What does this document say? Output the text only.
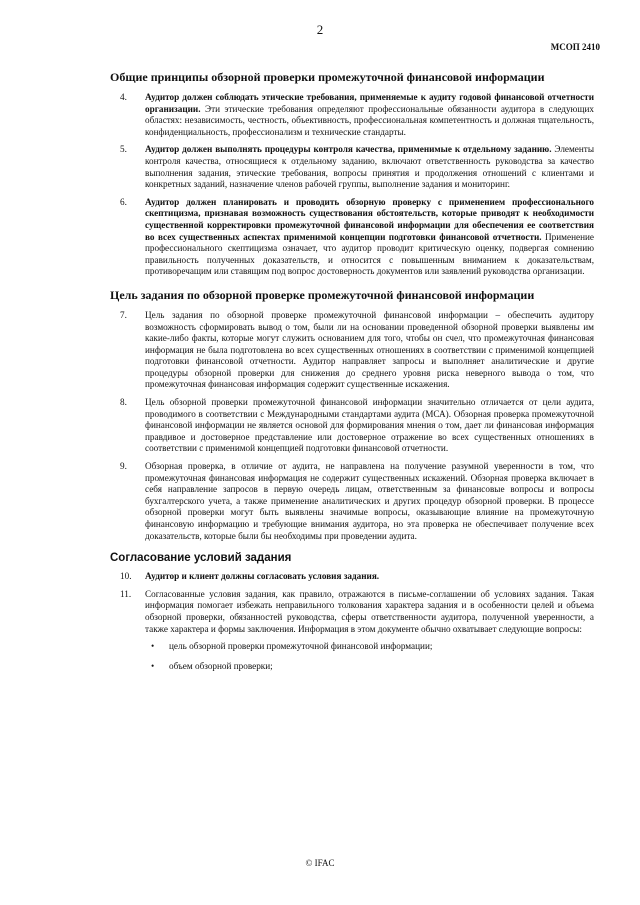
2
МСОП 2410
Общие принципы обзорной проверки промежуточной финансовой информации
4.	Аудитор должен соблюдать этические требования, применяемые к аудиту годовой финансовой отчетности организации. Эти этические требования определяют профессиональные обязанности аудитора в следующих областях: независимость, честность, объективность, профессиональная компетентность и должная тщательность, конфиденциальность, профессионализм и технические стандарты.
5.	Аудитор должен выполнять процедуры контроля качества, применимые к отдельному заданию. Элементы контроля качества, относящиеся к отдельному заданию, включают ответственность руководства за качество выполнения задания, этические требования, вопросы принятия и продолжения отношений с клиентами и конкретных заданий, назначение членов рабочей группы, выполнение задания и мониторинг.
6.	Аудитор должен планировать и проводить обзорную проверку с применением профессионального скептицизма, признавая возможность существования обстоятельств, которые приводят к необходимости существенной корректировки промежуточной финансовой информации для обеспечения ее соответствия во всех существенных аспектах применимой концепции подготовки финансовой отчетности. Применение профессионального скептицизма означает, что аудитор проводит критическую оценку, подвергая сомнению правильность полученных доказательств, и относится с повышенным вниманием к доказательствам, противоречащим или ставящим под вопрос достоверность документов или заявлений руководства организации.
Цель задания по обзорной проверке промежуточной финансовой информации
7.	Цель задания по обзорной проверке промежуточной финансовой информации – обеспечить аудитору возможность сформировать вывод о том, были ли на основании проведенной обзорной проверки выявлены им какие-либо факты, которые могут служить основанием для того, чтобы он счел, что промежуточная финансовая информация не была подготовлена во всех существенных отношениях в соответствии с применимой концепцией подготовки финансовой отчетности. Аудитор направляет запросы и выполняет аналитические и другие процедуры обзорной проверки для снижения до среднего уровня риска неверного вывода о том, что промежуточная финансовая информация содержит существенные искажения.
8.	Цель обзорной проверки промежуточной финансовой информации значительно отличается от цели аудита, проводимого в соответствии с Международными стандартами аудита (МСА). Обзорная проверка промежуточной финансовой информации не является основой для формирования мнения о том, дает ли финансовая информация правдивое и достоверное представление или достоверное отражение во всех существенных отношениях в соответствии с применимой концепцией подготовки финансовой отчетности.
9.	Обзорная проверка, в отличие от аудита, не направлена на получение разумной уверенности в том, что промежуточная финансовая информация не содержит существенных искажений. Обзорная проверка включает в себя направление запросов в первую очередь лицам, ответственным за финансовые вопросы и вопросы бухгалтерского учета, а также применение аналитических и других процедур обзорной проверки. В процессе обзорной проверки могут быть выявлены значимые вопросы, оказывающие влияние на промежуточную финансовую информацию и требующие внимания аудитора, но эта проверка не обеспечивает получение всех доказательств, которые были бы необходимы при проведении аудита.
Согласование условий задания
10.	Аудитор и клиент должны согласовать условия задания.
11.	Согласованные условия задания, как правило, отражаются в письме-соглашении об условиях задания. Такая информация помогает избежать неправильного толкования характера задания и в особенности целей и объема обзорной проверки, обязанностей руководства, сферы ответственности аудитора, полученной уверенности, а также характера и формы заключения. Информация в этом документе обычно охватывает следующие вопросы:
•	цель обзорной проверки промежуточной финансовой информации;
•	объем обзорной проверки;
© IFAC
